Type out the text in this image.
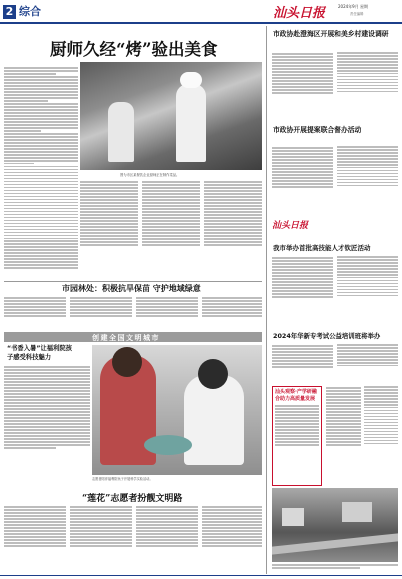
2 综合	汕头日报	2024年9月 星期
责任编辑
厨师久经“烤”验出美食
图为市区某餐饮企业厨师正在制作菜品。
市园林处：积极抗旱保苗 守护地域绿意
创建全国文明城市
“书香入暑”让福利院孩子感受科技魅力
志愿者陪伴福利院孩子开展科学实验活动。
“莲花”志愿者扮靓文明路
市政协赴澄海区开展和美乡村建设调研
市政协开展提案联合督办活动
汕头日报
我市举办首批高技能人才钦匠活动
2024年华新专考试公益培训班将举办
汕头观察·产学研融合助力高质量发展
